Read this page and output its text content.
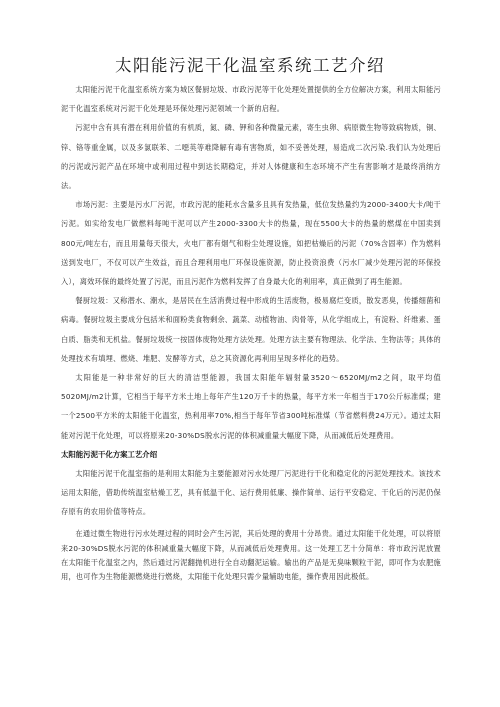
太阳能污泥干化温室系统工艺介绍

太阳能污泥干化温室系统方案为城区餐厨垃圾、市政污泥等干化处理处置提供的全方位解决方案，利用太阳能污泥干化温室系统对污泥干化处理是环保处理污泥领域一个新的启程。

污泥中含有具有潜在利用价值的有机质，氮、磷、钾和各种微量元素，寄生虫卵、病原微生物等致病物质，铜、锌、铬等重金属，以及多氯联苯、二噁英等难降解有毒有害物质，如不妥善处理，易造成二次污染.我们认为处理后的污泥或污泥产品在环境中或利用过程中到达长期稳定，并对人体健康和生态环境不产生有害影响才是最终消纳方法。

市场污泥：主要是污水厂污泥，市政污泥的能耗水含量多且具有发热量，低位发热量约为2000-3400大卡/吨干污泥。如实给发电厂做燃料每吨干泥可以产生2000-3300大卡的热量，现在5500大卡的热量的燃煤在中国卖到800元/吨左右，而且用量每天很大，火电厂都有烟气和粉尘处理设施，如把枯燥后的污泥（70%含固率）作为燃料送到发电厂，不仅可以产生效益，而且合理利用电厂环保设施资源，防止投资浪费（污水厂减少处理污泥的环保投入），离效环保的最终处置了污泥，而且污泥作为燃料发挥了自身最大化的利用率，真正做到了再生能源。

餐厨垃圾：又称潜水、潮水，是居民在生活消费过程中形成的生活废物，极易腐烂变质，散发恶臭，传播细菌和病毒。餐厨垃圾主要成分包括米和面粉类食物剩余、蔬菜、动植物油、肉骨等，从化学组成上，有淀粉、纤维素、蛋白质、脂类和无机盐。餐厨垃圾统一按固体废物处理方法处理。处理方法主要有物理法、化学法、生物法等；具体的处理技术有填埋、燃烧、堆肥、发酵等方式，总之其资源化再利用呈现多样化的趋势。

太阳能是一种非常好的巨大的清洁型能源，我国太阳能年辐射量3520～6520MJ/m2之间，取平均值5020MJ/m2计算，它相当于每平方米土地上每年产生120万千卡的热量，每平方米一年相当于170公斤标准煤；建一个2500平方米的太阳能干化温室，热利用率70%,相当于每年节省300吨标准煤（节省燃料费24万元）。通过太阳能对污泥干化处理，可以将原来20-30%DS脱水污泥的体积减重量大幅度下降，从而减低后处理费用。

太阳能污泥干化方案工艺介绍

太阳能污泥干化温室指的是利用太阳能为主要能源对污水处理厂污泥进行干化和稳定化的污泥处理技术。该技术运用太阳能，借助传统温室枯燥工艺，具有低温干化、运行费用低廉、操作简单、运行平安稳定、干化后的污泥仍保存原有的农用价值等特点。

在通过微生物进行污水处理过程的同时会产生污泥，其后处理的费用十分昂贵。通过太阳能干化处理，可以将原来20-30%DS脱水污泥的体积减重量大幅度下降，从而减低后处理费用。这一处理工艺十分简单：将市政污泥放置在太阳能干化温室之内，然后通过污泥翻抛机进行全自动翻泥运输。输出的产品是无臭味颗粒干泥，即可作为农肥施用，也可作为生物能源燃烧进行燃烧，太阳能干化处理只需少量辅助电能，操作费用因此极低。
